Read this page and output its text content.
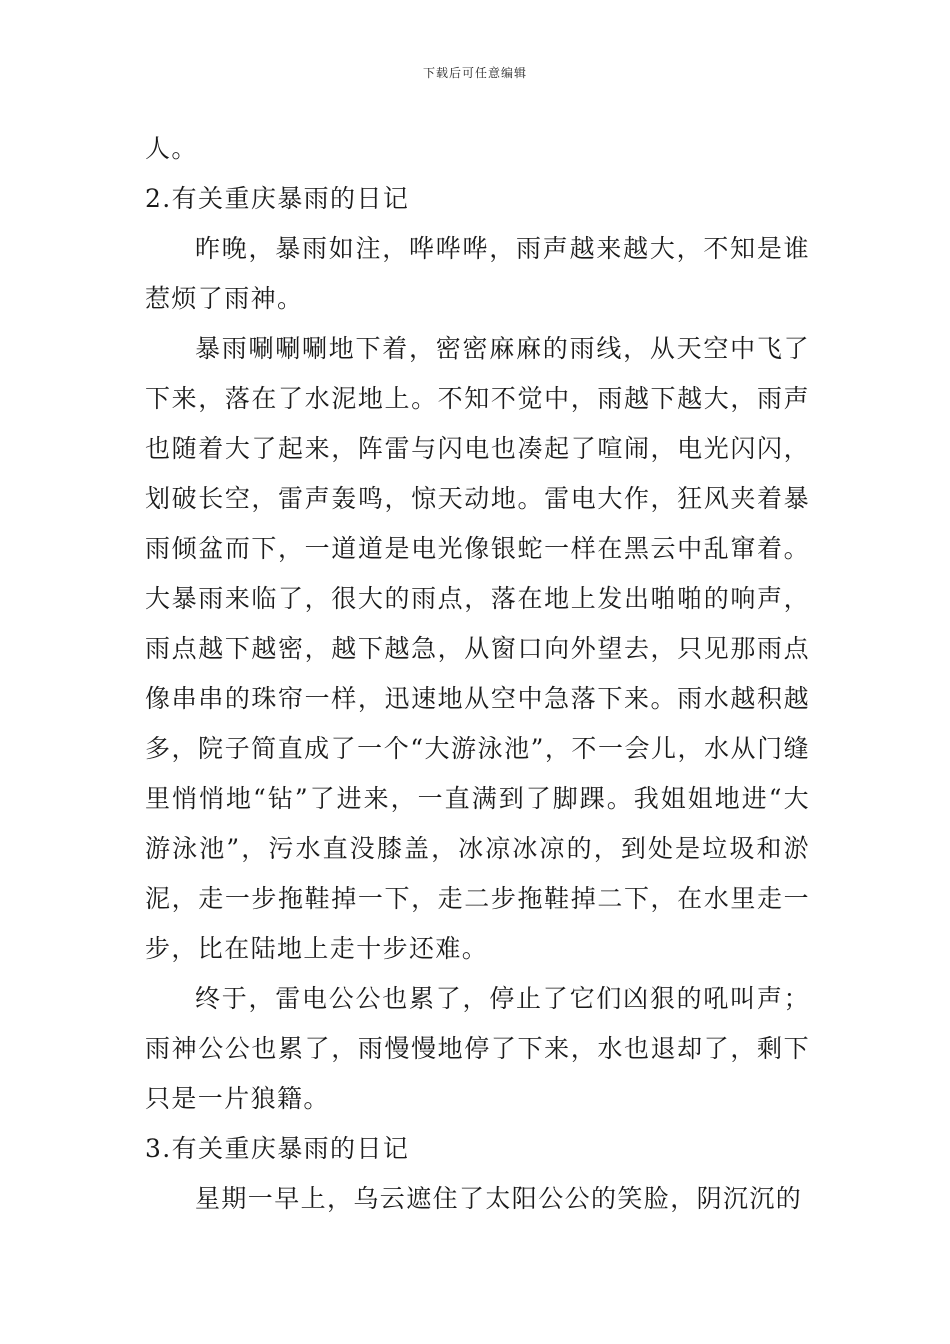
下载后可任意编辑

人。

2.有关重庆暴雨的日记

昨晚，暴雨如注，哗哗哗，雨声越来越大，不知是谁惹烦了雨神。

暴雨唰唰唰地下着，密密麻麻的雨线，从天空中飞了下来，落在了水泥地上。不知不觉中，雨越下越大，雨声也随着大了起来，阵雷与闪电也凑起了喧闹，电光闪闪，划破长空，雷声轰鸣，惊天动地。雷电大作，狂风夹着暴雨倾盆而下，一道道是电光像银蛇一样在黑云中乱窜着。大暴雨来临了，很大的雨点，落在地上发出啪啪的响声，雨点越下越密，越下越急，从窗口向外望去，只见那雨点像串串的珠帘一样，迅速地从空中急落下来。雨水越积越多，院子简直成了一个“大游泳池”，不一会儿，水从门缝里悄悄地“钻”了进来，一直满到了脚踝。我姐姐地进“大游泳池”，污水直没膝盖，冰凉冰凉的，到处是垃圾和淤泥，走一步拖鞋掉一下，走二步拖鞋掉二下，在水里走一步，比在陆地上走十步还难。

终于，雷电公公也累了，停止了它们凶狠的吼叫声；雨神公公也累了，雨慢慢地停了下来，水也退却了，剩下只是一片狼籍。

3.有关重庆暴雨的日记

星期一早上，乌云遮住了太阳公公的笑脸，阴沉沉的
